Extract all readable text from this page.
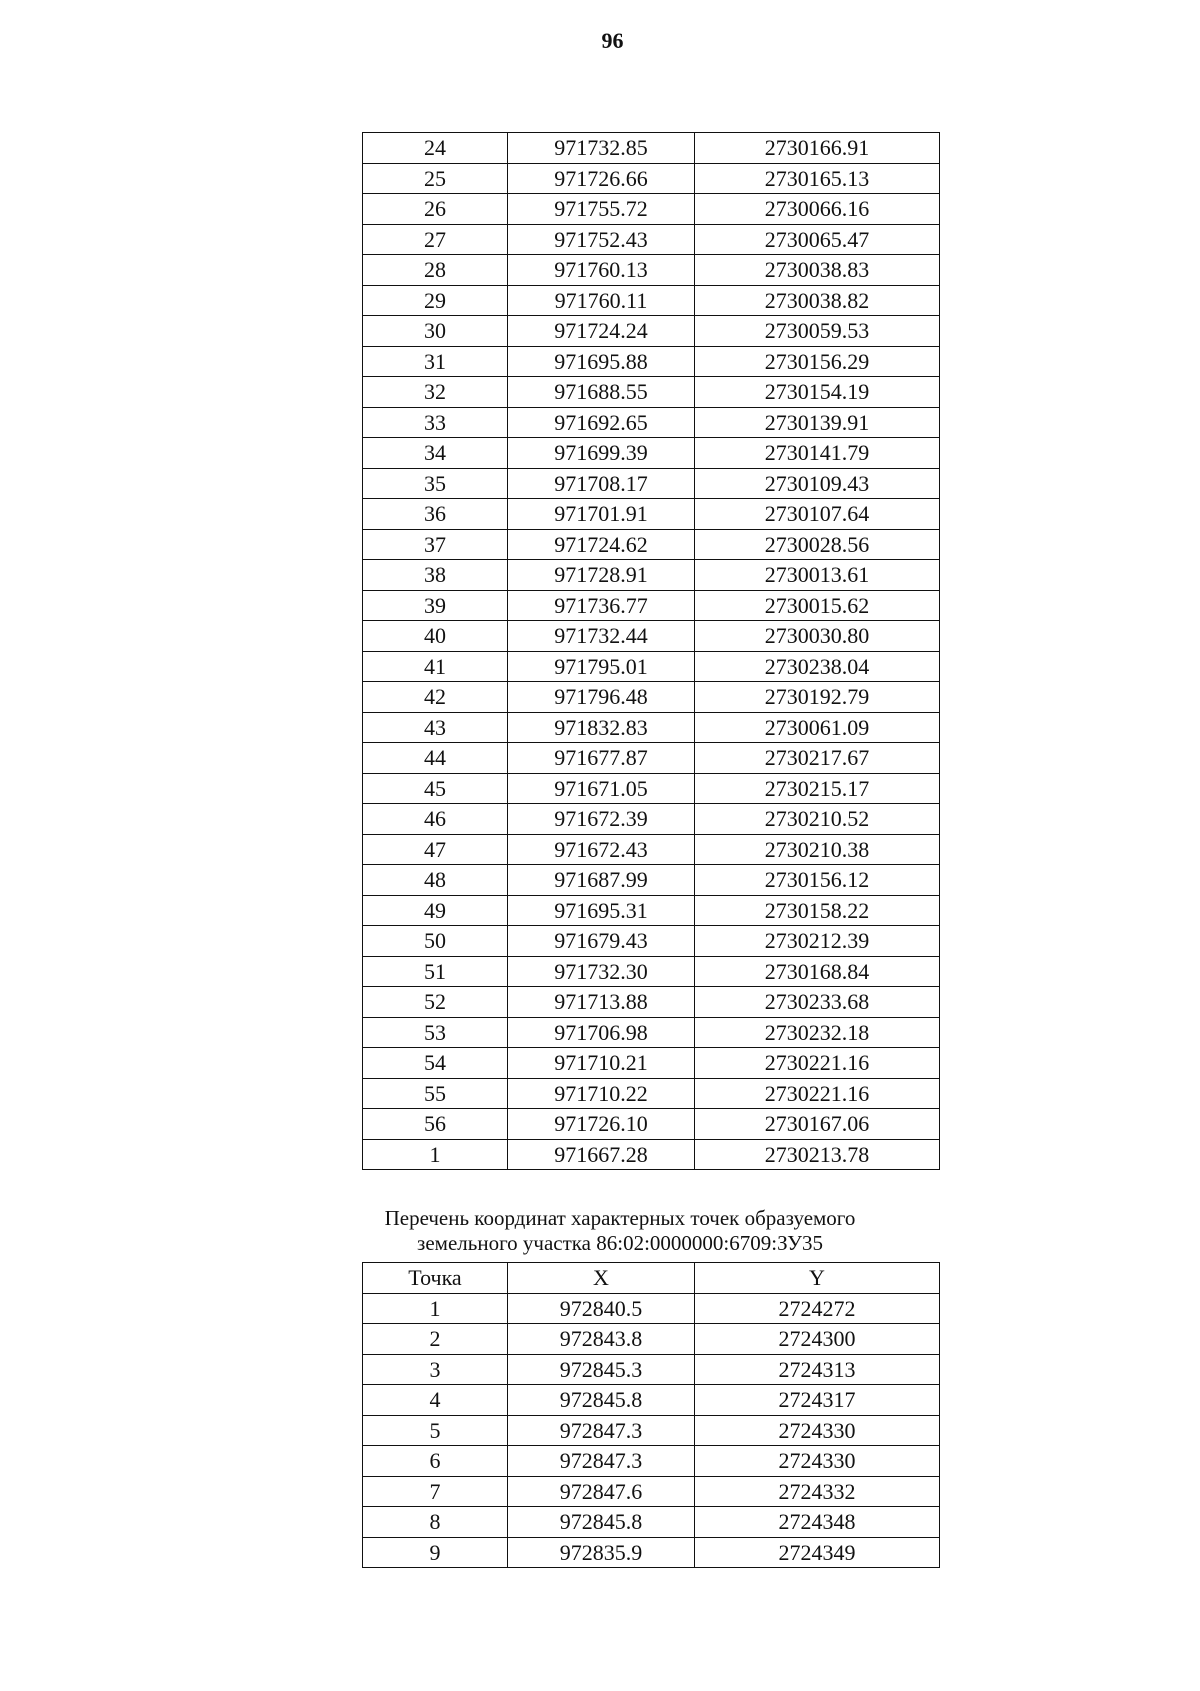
96
24	971732.85	2730166.91
25	971726.66	2730165.13
26	971755.72	2730066.16
27	971752.43	2730065.47
28	971760.13	2730038.83
29	971760.11	2730038.82
30	971724.24	2730059.53
31	971695.88	2730156.29
32	971688.55	2730154.19
33	971692.65	2730139.91
34	971699.39	2730141.79
35	971708.17	2730109.43
36	971701.91	2730107.64
37	971724.62	2730028.56
38	971728.91	2730013.61
39	971736.77	2730015.62
40	971732.44	2730030.80
41	971795.01	2730238.04
42	971796.48	2730192.79
43	971832.83	2730061.09
44	971677.87	2730217.67
45	971671.05	2730215.17
46	971672.39	2730210.52
47	971672.43	2730210.38
48	971687.99	2730156.12
49	971695.31	2730158.22
50	971679.43	2730212.39
51	971732.30	2730168.84
52	971713.88	2730233.68
53	971706.98	2730232.18
54	971710.21	2730221.16
55	971710.22	2730221.16
56	971726.10	2730167.06
1	971667.28	2730213.78
Перечень координат характерных точек образуемого
земельного участка 86:02:0000000:6709:ЗУ35
Точка	X	Y
1	972840.5	2724272
2	972843.8	2724300
3	972845.3	2724313
4	972845.8	2724317
5	972847.3	2724330
6	972847.3	2724330
7	972847.6	2724332
8	972845.8	2724348
9	972835.9	2724349
